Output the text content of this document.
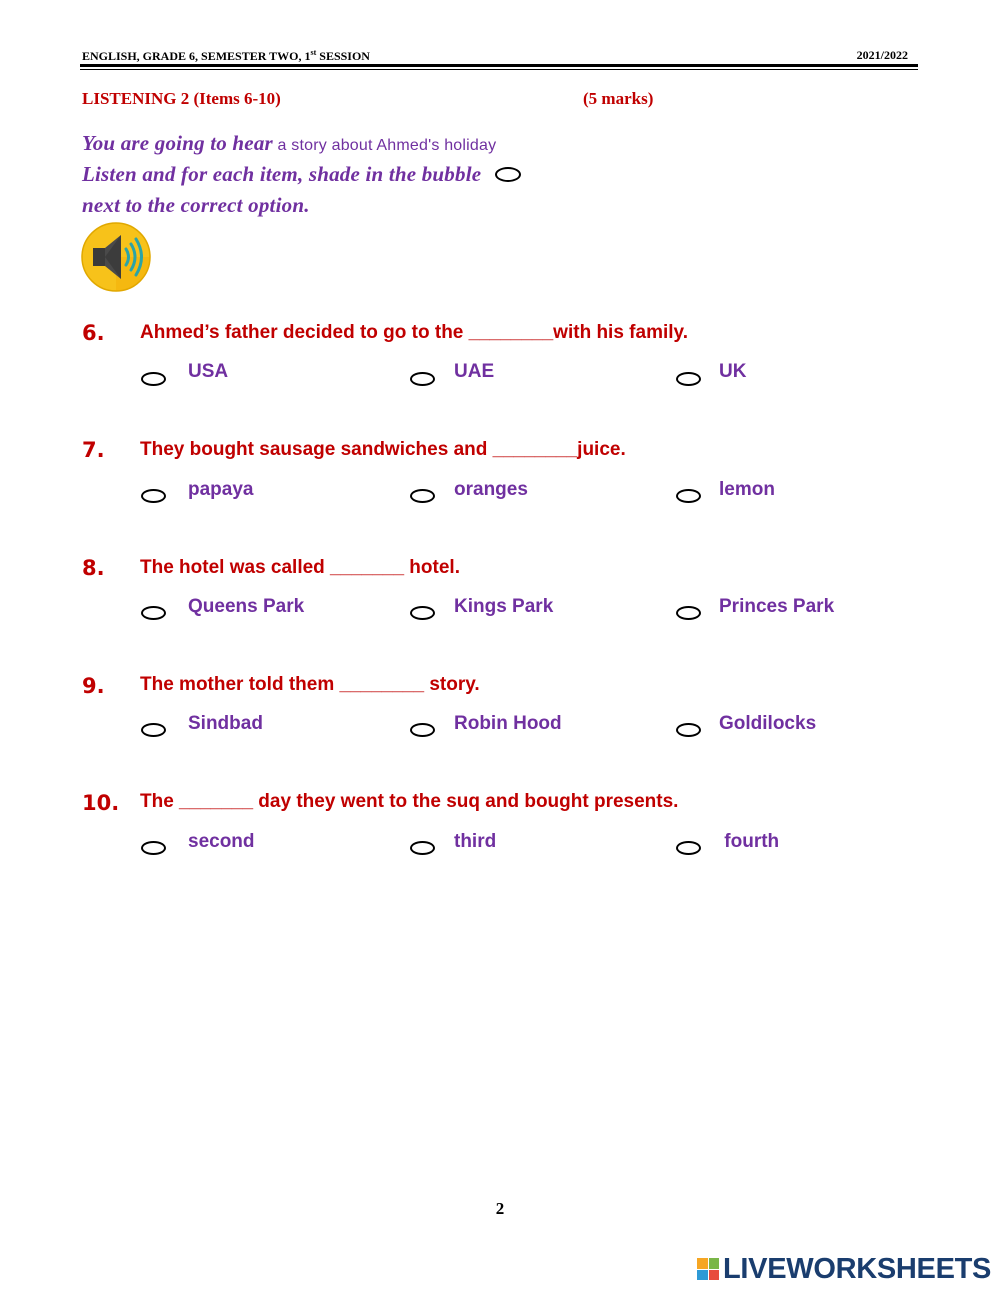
ENGLISH, GRADE 6, SEMESTER TWO, 1st SESSION	2021/2022
LISTENING 2 (Items 6-10)	(5 marks)
You are going to hear a story about Ahmed's holiday
Listen and for each item, shade in the bubble
next to the correct option.
6. Ahmed’s father decided to go to the ________with his family.
USA	UAE	UK
7. They bought sausage sandwiches and ________juice.
papaya	oranges	lemon
8. The hotel was called _______ hotel.
Queens Park	Kings Park	Princes Park
9. The mother told them ________ story.
Sindbad	Robin Hood	Goldilocks
10. The _______ day they went to the suq and bought presents.
second	third	fourth
2
LIVEWORKSHEETS
